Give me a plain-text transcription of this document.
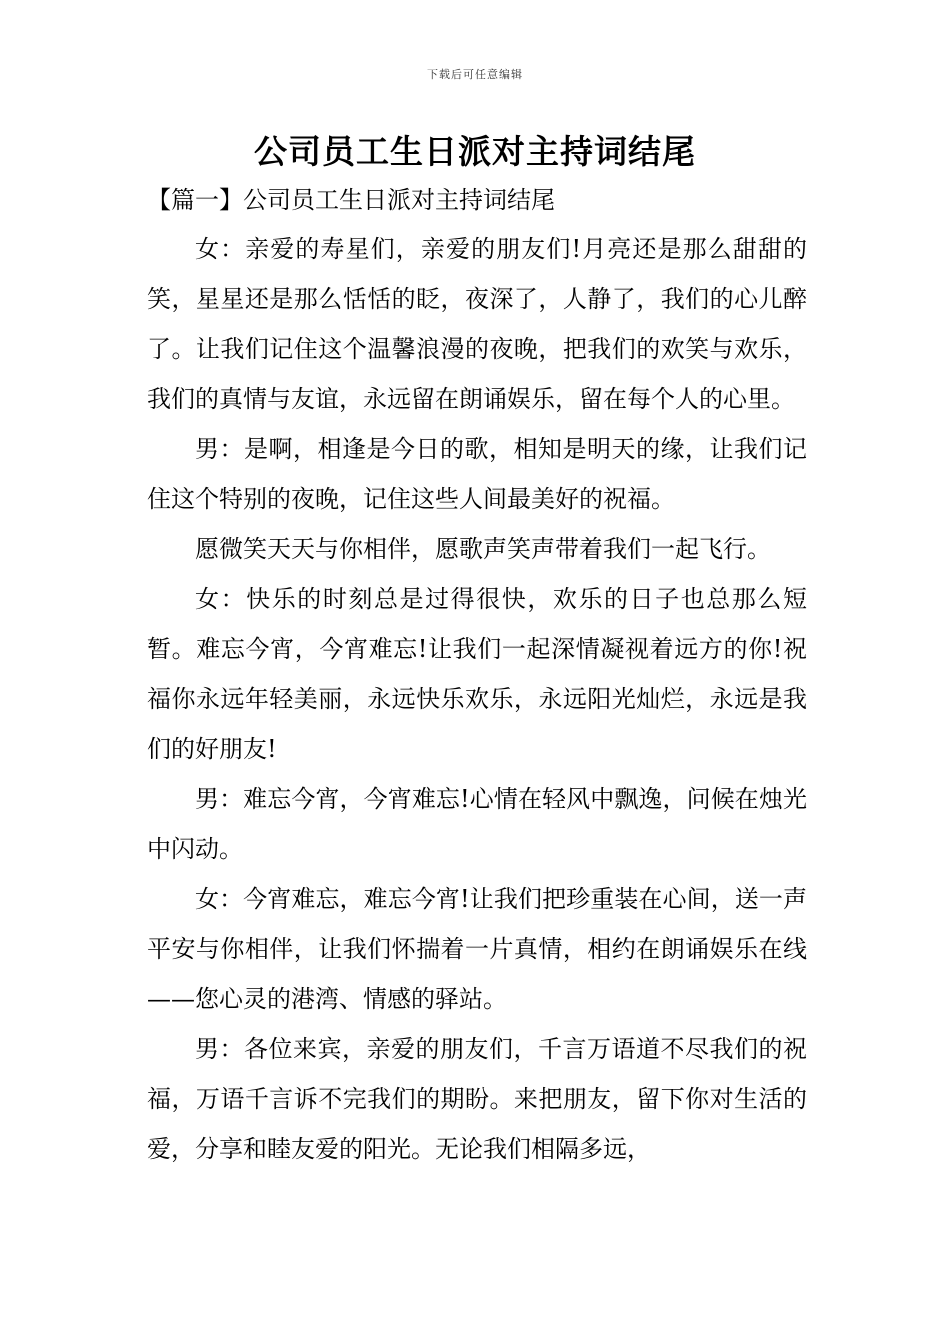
下载后可任意编辑
公司员工生日派对主持词结尾
【篇一】公司员工生日派对主持词结尾

女：亲爱的寿星们，亲爱的朋友们!月亮还是那么甜甜的笑，星星还是那么恬恬的眨，夜深了，人静了，我们的心儿醉了。让我们记住这个温馨浪漫的夜晚，把我们的欢笑与欢乐，我们的真情与友谊，永远留在朗诵娱乐，留在每个人的心里。

男：是啊，相逢是今日的歌，相知是明天的缘，让我们记住这个特别的夜晚，记住这些人间最美好的祝福。

愿微笑天天与你相伴，愿歌声笑声带着我们一起飞行。

女：快乐的时刻总是过得很快，欢乐的日子也总那么短暂。难忘今宵，今宵难忘!让我们一起深情凝视着远方的你!祝福你永远年轻美丽，永远快乐欢乐，永远阳光灿烂，永远是我们的好朋友!

男：难忘今宵，今宵难忘!心情在轻风中飘逸，问候在烛光中闪动。

女：今宵难忘，难忘今宵!让我们把珍重装在心间，送一声平安与你相伴，让我们怀揣着一片真情，相约在朗诵娱乐在线——您心灵的港湾、情感的驿站。

男：各位来宾，亲爱的朋友们，千言万语道不尽我们的祝福，万语千言诉不完我们的期盼。来把朋友，留下你对生活的爱，分享和睦友爱的阳光。无论我们相隔多远，
